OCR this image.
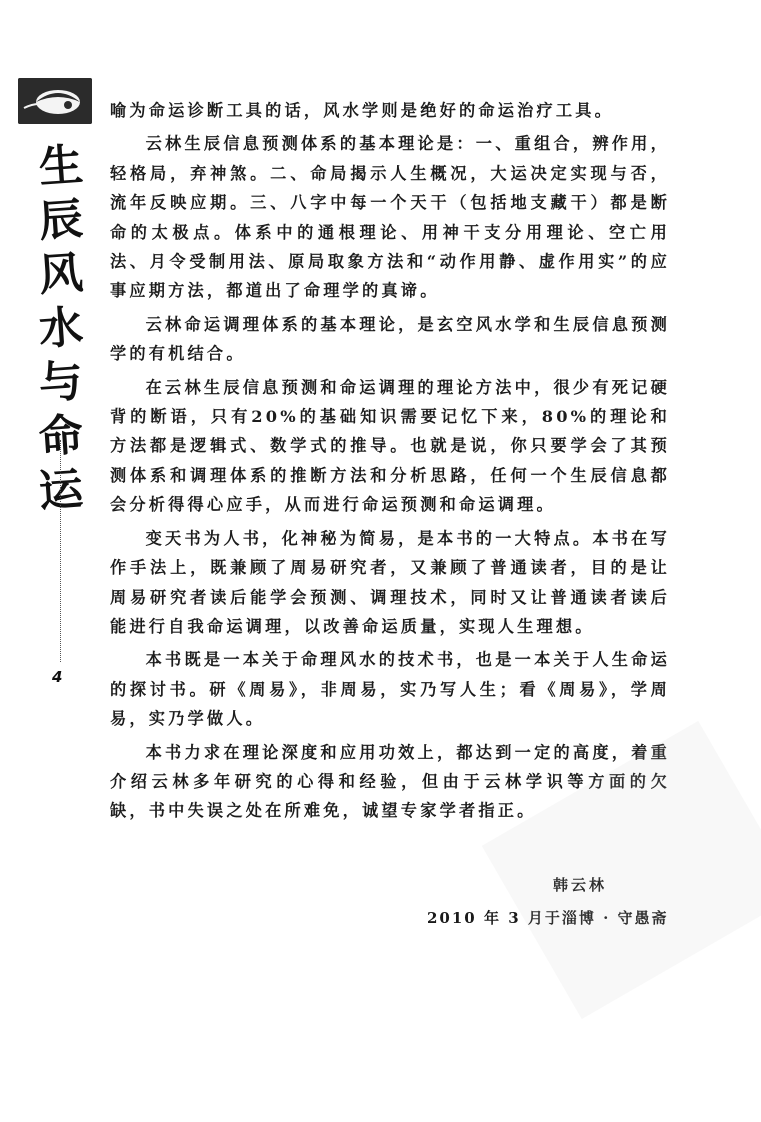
生
辰
风
水
与
命
运
4

喻为命运诊断工具的话，风水学则是绝好的命运治疗工具。

云林生辰信息预测体系的基本理论是：一、重组合，辨作用，轻格局，弃神煞。二、命局揭示人生概况，大运决定实现与否，流年反映应期。三、八字中每一个天干（包括地支藏干）都是断命的太极点。体系中的通根理论、用神干支分用理论、空亡用法、月令受制用法、原局取象方法和“动作用静、虚作用实”的应事应期方法，都道出了命理学的真谛。

云林命运调理体系的基本理论，是玄空风水学和生辰信息预测学的有机结合。

在云林生辰信息预测和命运调理的理论方法中，很少有死记硬背的断语，只有20%的基础知识需要记忆下来，80%的理论和方法都是逻辑式、数学式的推导。也就是说，你只要学会了其预测体系和调理体系的推断方法和分析思路，任何一个生辰信息都会分析得得心应手，从而进行命运预测和命运调理。

变天书为人书，化神秘为简易，是本书的一大特点。本书在写作手法上，既兼顾了周易研究者，又兼顾了普通读者，目的是让周易研究者读后能学会预测、调理技术，同时又让普通读者读后能进行自我命运调理，以改善命运质量，实现人生理想。

本书既是一本关于命理风水的技术书，也是一本关于人生命运的探讨书。研《周易》，非周易，实乃写人生；看《周易》，学周易，实乃学做人。

本书力求在理论深度和应用功效上，都达到一定的高度，着重介绍云林多年研究的心得和经验，但由于云林学识等方面的欠缺，书中失误之处在所难免，诚望专家学者指正。

韩云林
2010 年 3 月于淄博 · 守愚斋
